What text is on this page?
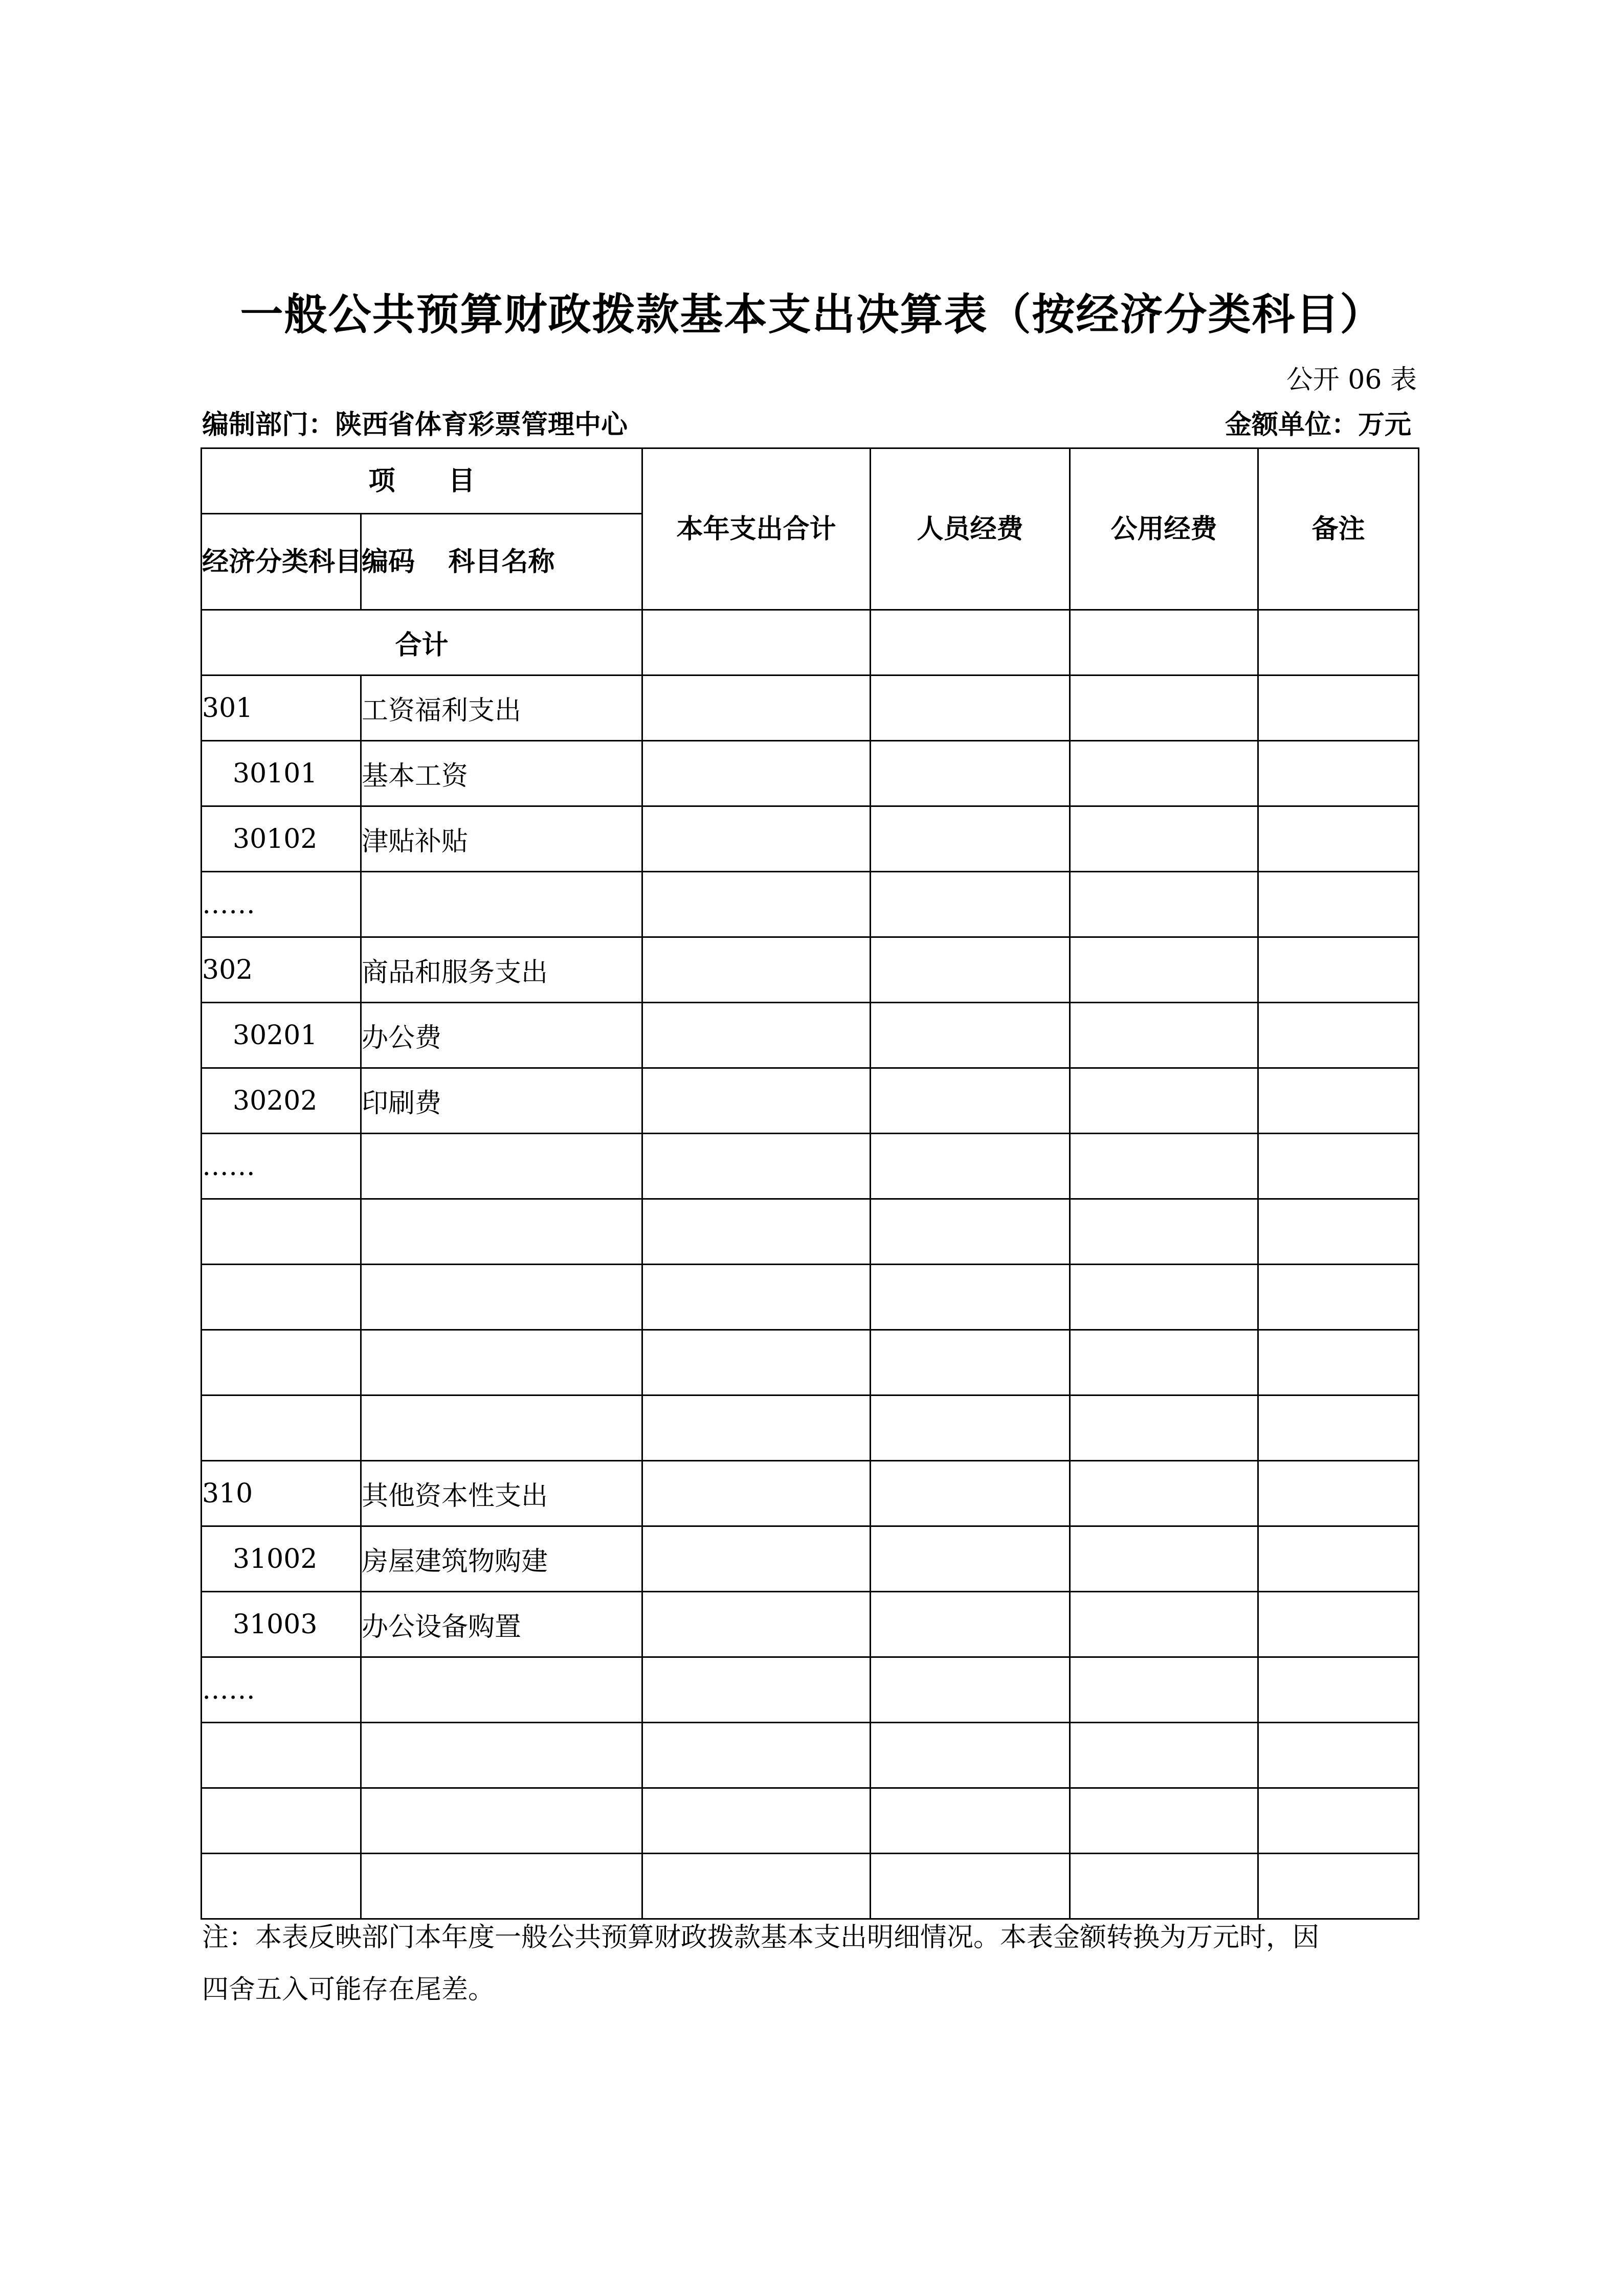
一般公共预算财政拨款基本支出决算表（按经济分类科目）
公开 06 表
编制部门：陕西省体育彩票管理中心	金额单位：万元
项　　目		本年支出合计	人员经费	公用经费	备注
经济分类科目编码	科目名称				
合计					
301	工资福利支出				
30101	基本工资				
30102	津贴补贴				
……					
302	商品和服务支出				
30201	办公费				
30202	印刷费				
……					

310	其他资本性支出				
31002	房屋建筑物购建				
31003	办公设备购置				
……					

注：本表反映部门本年度一般公共预算财政拨款基本支出明细情况。本表金额转换为万元时，因
四舍五入可能存在尾差。
